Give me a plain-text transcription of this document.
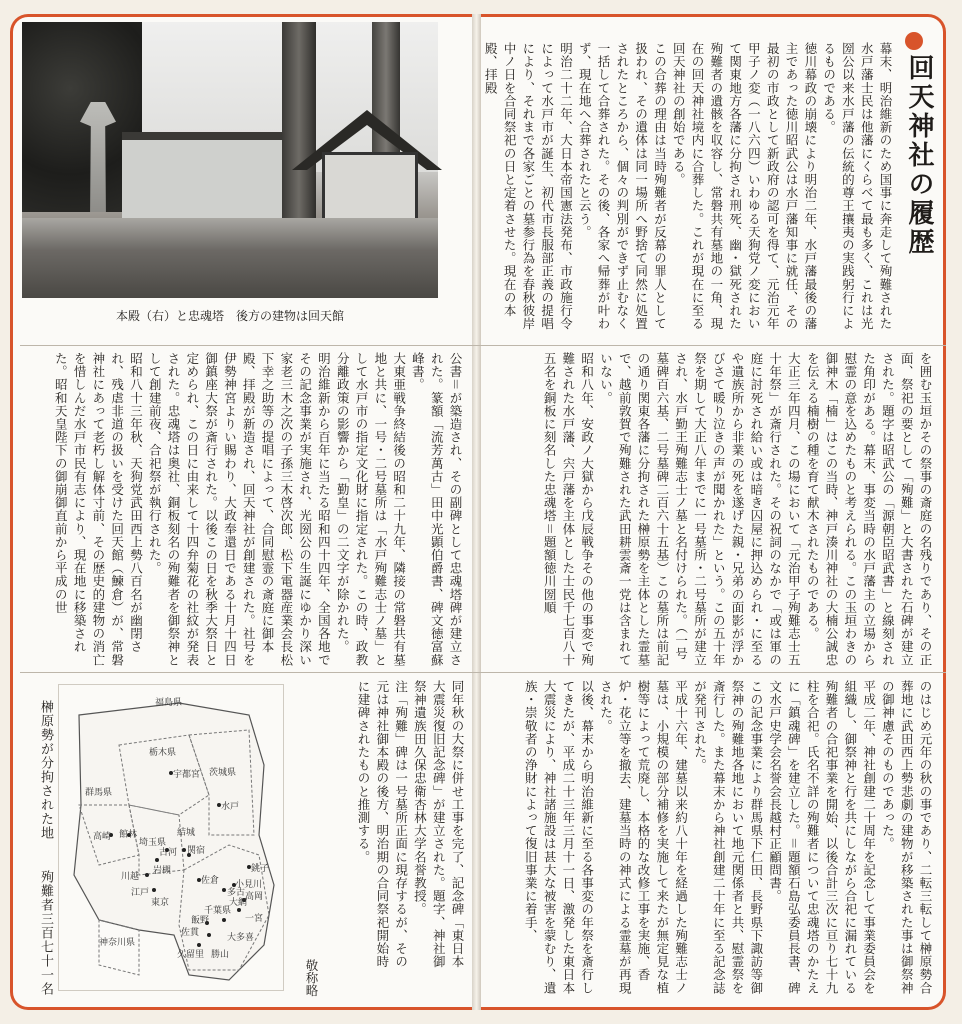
本殿（右）と忠魂塔　後方の建物は回天館
回天神社の履歴
幕末、明治維新のため国事に奔走して殉難された水戸藩士民は他藩にくらべて最も多く、これは光圀公以来水戸藩の伝統的尊王攘夷の実践躬行によるものである。
徳川幕政の崩壊により明治二年、水戸藩最後の藩主であった徳川昭武公は水戸藩知事に就任、その最初の市政として新政府の認可を得て、元治元年甲子ノ変（一八六四）いわゆる天狗党ノ変において関東地方各藩に分拘され刑死、幽・獄死された殉難者の遺骸を収容し、常磐共有墓地の一角、現在の回天神社境内に合葬した。これが現在に至る回天神社の創始である。
この合葬の理由は当時殉難者が反幕の罪人として扱われ、その遺体は同一場所へ野捨て同然に処置されたところから、個々の判別ができず止むなく一括して合葬された。その後、各家へ帰葬が叶わず、現在地へ合葬されたと云う。
明治二十二年、大日本帝国憲法発布、市政施行令によって水戸市が誕生、初代市長服部正義の提唱により、それまで各家ごとの墓参行為を春秋彼岸中ノ日を合同祭祀の日と定着させた。現在の本殿、拝殿
を囲む玉垣かその祭事の斎庭の名残りであり、その正面、祭祀の要として「殉難」と大書された石碑が建立された。題字は昭武公の「源朝臣昭武書」と線刻された角印がある。幕末、事変当時の水戸藩主の立場から慰霊の意を込めたものと考えられる。この玉垣わきの御神木「楠」はこの当時、神戸湊川神社の大楠公誠忠を伝える楠樹の種を育て献木されたものである。
大正三年四月、この場において「元治甲子殉難志士五十年祭」が斎行された。その祝詞のなかで「或は軍の庭に討死され給い或は暗き囚屋に押込められ・に至るや遺族所から非業の死を遂げた親・兄弟の面影が浮かびさて暖り泣きの声が聞かれた」という。この五十年祭を期して大正八年までに一号墓所・二号墓所が建立され、水戸勤王殉難志士ノ墓と名付けられた。（一号墓碑百六基、二号墓碑二百六十五基）この墓所は前記の通り関東各藩に分拘された榊原勢を主体とした霊墓で、越前敦賀で殉難された武田耕雲斎一党は含まれていない。
昭和八年、安政ノ大獄から戊辰戦争その他の事変で殉難された水戸藩、宍戸藩を主体とした士民千七百八十五名を銅板に刻名した忠魂塔＝題額徳川圀順
公書＝が築造され、その副碑として忠魂塔碑が建立された。篆額「流芳萬古」田中光顕伯爵書、碑文徳富蘇峰書。
大東亜戦争終結後の昭和二十九年、隣接の常磐共有墓地と共に、一号・二号墓所は「水戸殉難志士ノ墓」として水戸市の指定文化財に指定された。この時、政教分離政策の影響から「勤皇」の二文字が除かれた。
明治維新から百年に当たる昭和四十四年、全国各地でその記念事業が実施され、光圀公の生誕にゆかり深い家老三木之次の子孫三木啓次郎、松下電器産業会長松下幸之助等の提唱によって、合同慰霊の斎庭に御本殿、拝殿が新造され、回天神社が創建された。社号を伊勢神宮よりい賜わり、大政奉還日である十月十四日御鎮座大祭が斎行された。以後この日を秋季大祭日と定められ、この日に由来して十四弁菊花の社紋が発表された。忠魂塔は奥社、銅板刻名の殉難者を御祭神として創建前夜、合祀祭が執行された。
昭和八十三年秋、天狗党武田西上勢八百名が幽閉され、残虐非道の扱いを受けた回天館（鰊倉）が、常磐神社にあって老朽し解体寸前、その歴史的建物の消亡を惜しんだ水戸市民有志により、現在地に移築された。昭和天皇陛下の御崩御直前から平成の世
のはじめ元年の秋の事であり、二転三転して榊原勢合葬地に武田西上勢悲劇の建物が移築された事は御祭神の御神慮そのものであった。
平成二年、神社創建二十周年を記念して事業委員会を組織し、御祭神と行を共にしながら合祀に漏れている殉難者の合祀事業を開始、以後合計三次に亘り七十九柱を合祀。氏名不詳の殉難者について忠魂塔のかたえに「鎮魂碑」を建立した。＝題額石島弘委員長書、碑文水戸史学会名誉会長越村正顧問書。
この記念事業により群馬県下仁田、長野県下諏訪等御祭神の殉難地各地において地元関係者と共、慰霊祭を斎行した。また幕末から神社創建二十年に至る記念誌が発刊された。
平成十六年、建墓以来約八十年を経過した殉難志士ノ墓は、小規模の部分補修を実施して来たが無定見な植樹等によって荒廃し、本格的な改修工事を実施、香炉・花立等を撤去、建墓当時の神式による霊墓が再現された。
以後、幕末から明治維新に至る各事変の年祭を斎行してきたが、平成二十三年三月十一日、激発した東日本大震災により、神社諸施設は甚大な被害を蒙むり、遺族・崇敬者の浄財によって復旧事業に着手、
同年秋の大祭に併せ工事を完了、記念碑「東日本大震災復旧記念碑」が建立された。題字、神社御祭神遺族田久保忠衛杏林大学名誉教授。
注「殉難」碑は一号墓所正面に現存するが、その元は神社御本殿の後方、明治期の合同祭祀開始時に建碑されたものと推測する。
敬称略
榊原勢が分拘された地
殉難者三百七十一名
福島県
栃木県
茨城県
群馬県
埼玉県
東京
千葉県
神奈川県
宇都宮
水戸
古河
館林
佐倉
銚子
江戸
川越
岩槻
関宿
高崎
勝山
大多喜
久留里
佐貫
飯野	一宮
大網
小見川
多古 高岡
結城
